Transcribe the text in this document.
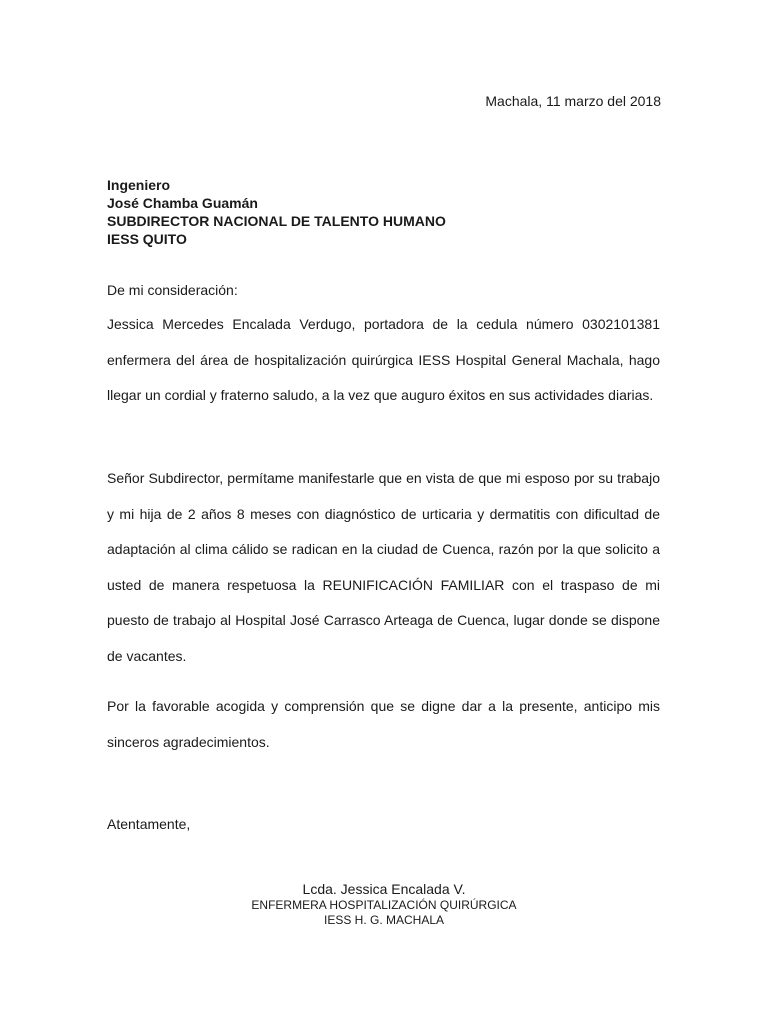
Machala, 11 marzo del 2018
Ingeniero
José Chamba Guamán
SUBDIRECTOR NACIONAL DE TALENTO HUMANO
IESS QUITO
De mi consideración:

Jessica Mercedes Encalada Verdugo, portadora de la cedula número 0302101381 enfermera del área de hospitalización quirúrgica IESS Hospital General Machala, hago llegar un cordial y fraterno saludo, a la vez que auguro éxitos en sus actividades diarias.

Señor Subdirector, permítame manifestarle que en vista de que mi esposo por su trabajo y mi hija de 2 años 8 meses con diagnóstico de urticaria y dermatitis con dificultad de adaptación al clima cálido se radican en la ciudad de Cuenca, razón por la que solicito a usted de manera respetuosa la REUNIFICACIÓN FAMILIAR con el traspaso de mi puesto de trabajo al Hospital José Carrasco Arteaga de Cuenca, lugar donde se dispone de vacantes.

Por la favorable acogida y comprensión que se digne dar a la presente, anticipo mis sinceros agradecimientos.

Atentamente,
Lcda. Jessica Encalada V.
ENFERMERA HOSPITALIZACIÓN QUIRÚRGICA
IESS H. G. MACHALA
